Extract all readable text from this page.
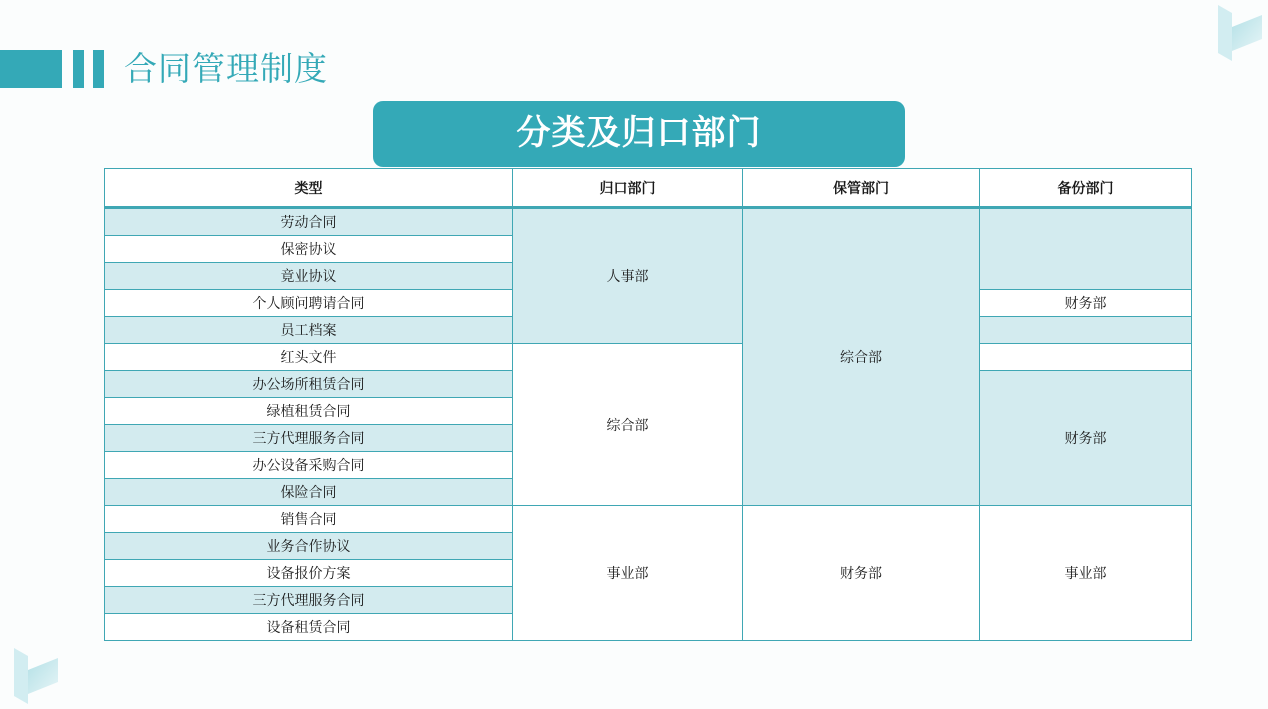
合同管理制度
分类及归口部门
类型	归口部门	保管部门	备份部门
劳动合同	人事部	综合部	
保密协议			
竟业协议			
个人顾问聘请合同			财务部
员工档案			
红头文件	综合部		
办公场所租赁合同			财务部
绿植租赁合同			
三方代理服务合同			
办公设备采购合同			
保险合同			
销售合同	事业部	财务部	事业部
业务合作协议			
设备报价方案			
三方代理服务合同			
设备租赁合同			
